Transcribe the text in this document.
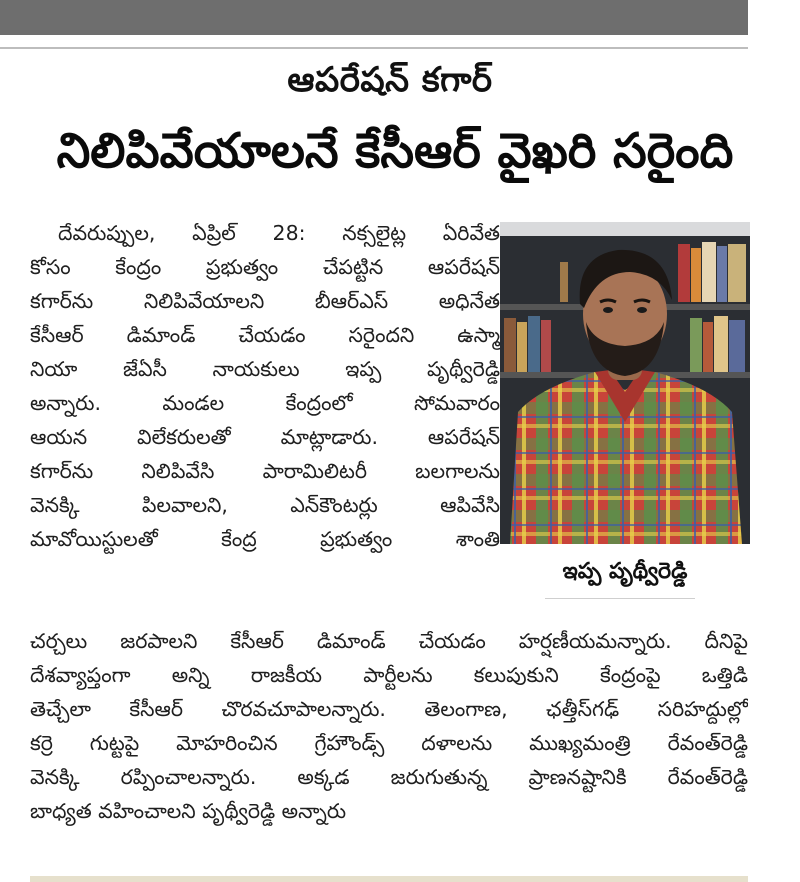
ఆపరేషన్ కగార్
నిలిపివేయాలనే కేసీఆర్ వైఖరి సరైంది
దేవరుప్పుల, ఏప్రిల్ 28: నక్సలైట్ల ఏరివేత
కోసం కేంద్రం ప్రభుత్వం చేపట్టిన ఆపరేషన్
కగార్‌ను నిలిపివేయాలని బీఆర్ఎస్ అధినేత
కేసీఆర్ డిమాండ్ చేయడం సరైందని ఉస్మా
నియా జేఏసీ నాయకులు ఇప్ప పృథ్వీరెడ్డి
అన్నారు. మండల కేంద్రంలో సోమవారం
ఆయన విలేకరులతో మాట్లాడారు. ఆపరేషన్
కగార్‌ను నిలిపివేసి పారామిలిటరీ బలగాలను
వెనక్కి పిలవాలని, ఎన్‌కౌంటర్లు ఆపివేసి
మావోయిస్టులతో కేంద్ర ప్రభుత్వం శాంతి
ఇప్ప పృథ్వీరెడ్డి
చర్చలు జరపాలని కేసీఆర్ డిమాండ్ చేయడం హర్షణీయమన్నారు. దీనిపై
దేశవ్యాప్తంగా అన్ని రాజకీయ పార్టీలను కలుపుకుని కేంద్రంపై ఒత్తిడి
తెచ్చేలా కేసీఆర్ చొరవచూపాలన్నారు. తెలంగాణ, ఛత్తీస్‌గఢ్ సరిహద్దుల్లో
కర్రె గుట్టపై మోహరించిన గ్రేహౌండ్స్ దళాలను ముఖ్యమంత్రి రేవంత్‌రెడ్డి
వెనక్కి రప్పించాలన్నారు. అక్కడ జరుగుతున్న ప్రాణనష్టానికి రేవంత్‌రెడ్డి
బాధ్యత వహించాలని పృథ్వీరెడ్డి అన్నారు
